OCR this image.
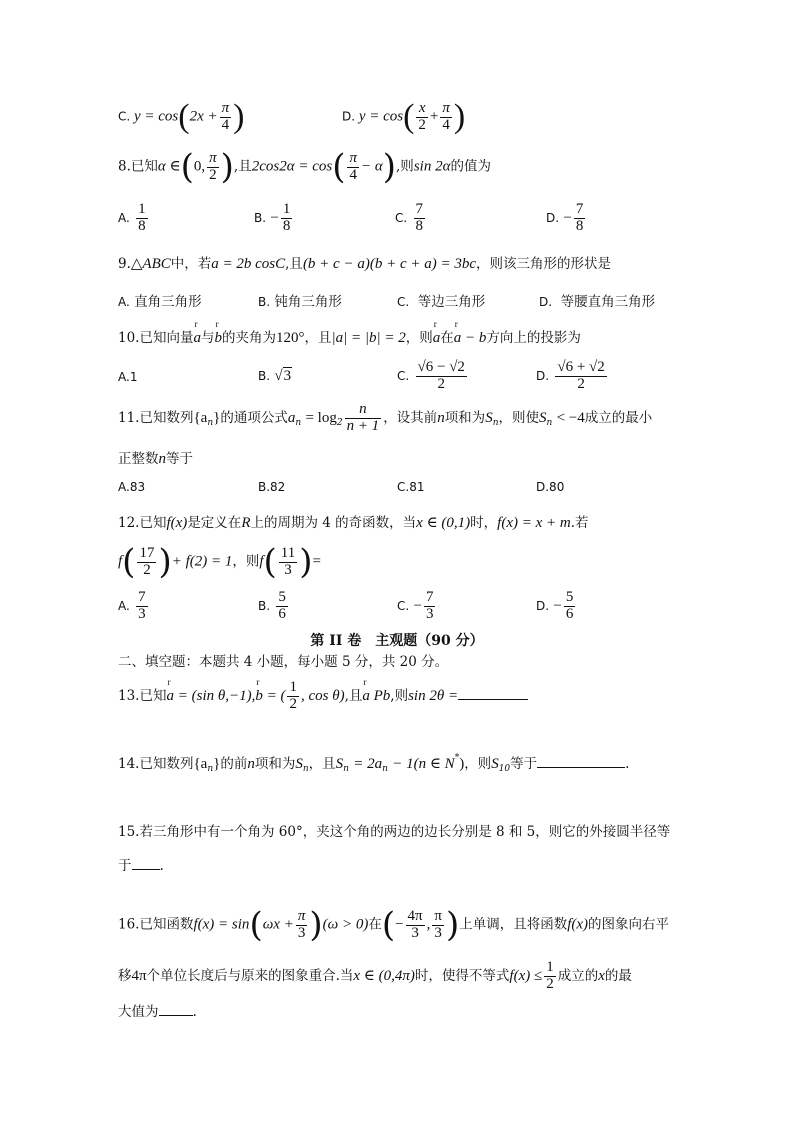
C. $y = \cos(2x + \frac{\pi}{4}$ )	D. $y = \cos( \frac{x}{2} + \frac{\pi}{4}$ )
8.已知α ∈(0, $\frac{\pi}{2}$ ),且$2\cos 2\alpha = \cos( \frac{\pi}{4} - \alpha)$,则sin 2α的值为
A. $\frac{1}{8}$	B. − $\frac{1}{8}$	C. $\frac{7}{8}$	D. − $\frac{7}{8}$
9.△ABC中，若a = 2b cosC,且(b + c − a)(b + c + a) = 3bc，则该三角形的形状是
A. 直角三角形	B. 钝角三角形	C. 等边三角形	D. 等腰直角三角形
10.已知向量r a与r b的夹角为120°，且|a| = |b| = 2，则r a在r a − b方向上的投影为
A.1	B. √3	C. $\frac{√6 - √2}{2}$	D. $\frac{√6 + √2}{2}$
11.已知数列$\{a_n\}$的通项公式$a_n = \log_2 \frac{n}{n + 1}$ ，设其前n项和为$S_n$，则使$S_n < -4$成立的最小
正整数n等于
A.83	B.82	C.81	D.80
12.已知f(x)是定义在R上的周期为 4 的奇函数，当x ∈ (0,1)时，f(x) = x + m.若
$f( \frac{17}{2}$ )+ f(2) = 1，则$f( \frac{11}{3}$ )=
A. $\frac{7}{3}$	B. $\frac{5}{6}$	C. − $\frac{7}{3}$	D. − $\frac{5}{6}$
第 II 卷　主观题（90 分）
二、填空题：本题共 4 小题，每小题 5 分，共 20 分。
13.已知r a = (sin θ,−1),r b = ( $\frac{1}{2}$ , cos θ),且r a Pb,则sin 2θ =
14.已知数列$\{a_n\}$的前n项和为$S_n$，且$S_n = 2a_n - 1(n$ ∈ N*)，则$S_{10}$等于	.
15.若三角形中有一个角为 60°，夹这个角的两边的边长分别是 8 和 5，则它的外接圆半径等
于 .
16.已知函数$f(x) = \sin(\omega x + \frac{\pi}{3} )(\omega > 0)$在(− $\frac{4\pi}{3}$ , $\frac{\pi}{3}$ )上单调，且将函数f(x)的图象向右平
移4π个单位长度后与原来的图象重合.当x ∈ (0,4π)时，使得不等式$f(x) \le \frac{1}{2}$ 成立的x的最
大值为	.
